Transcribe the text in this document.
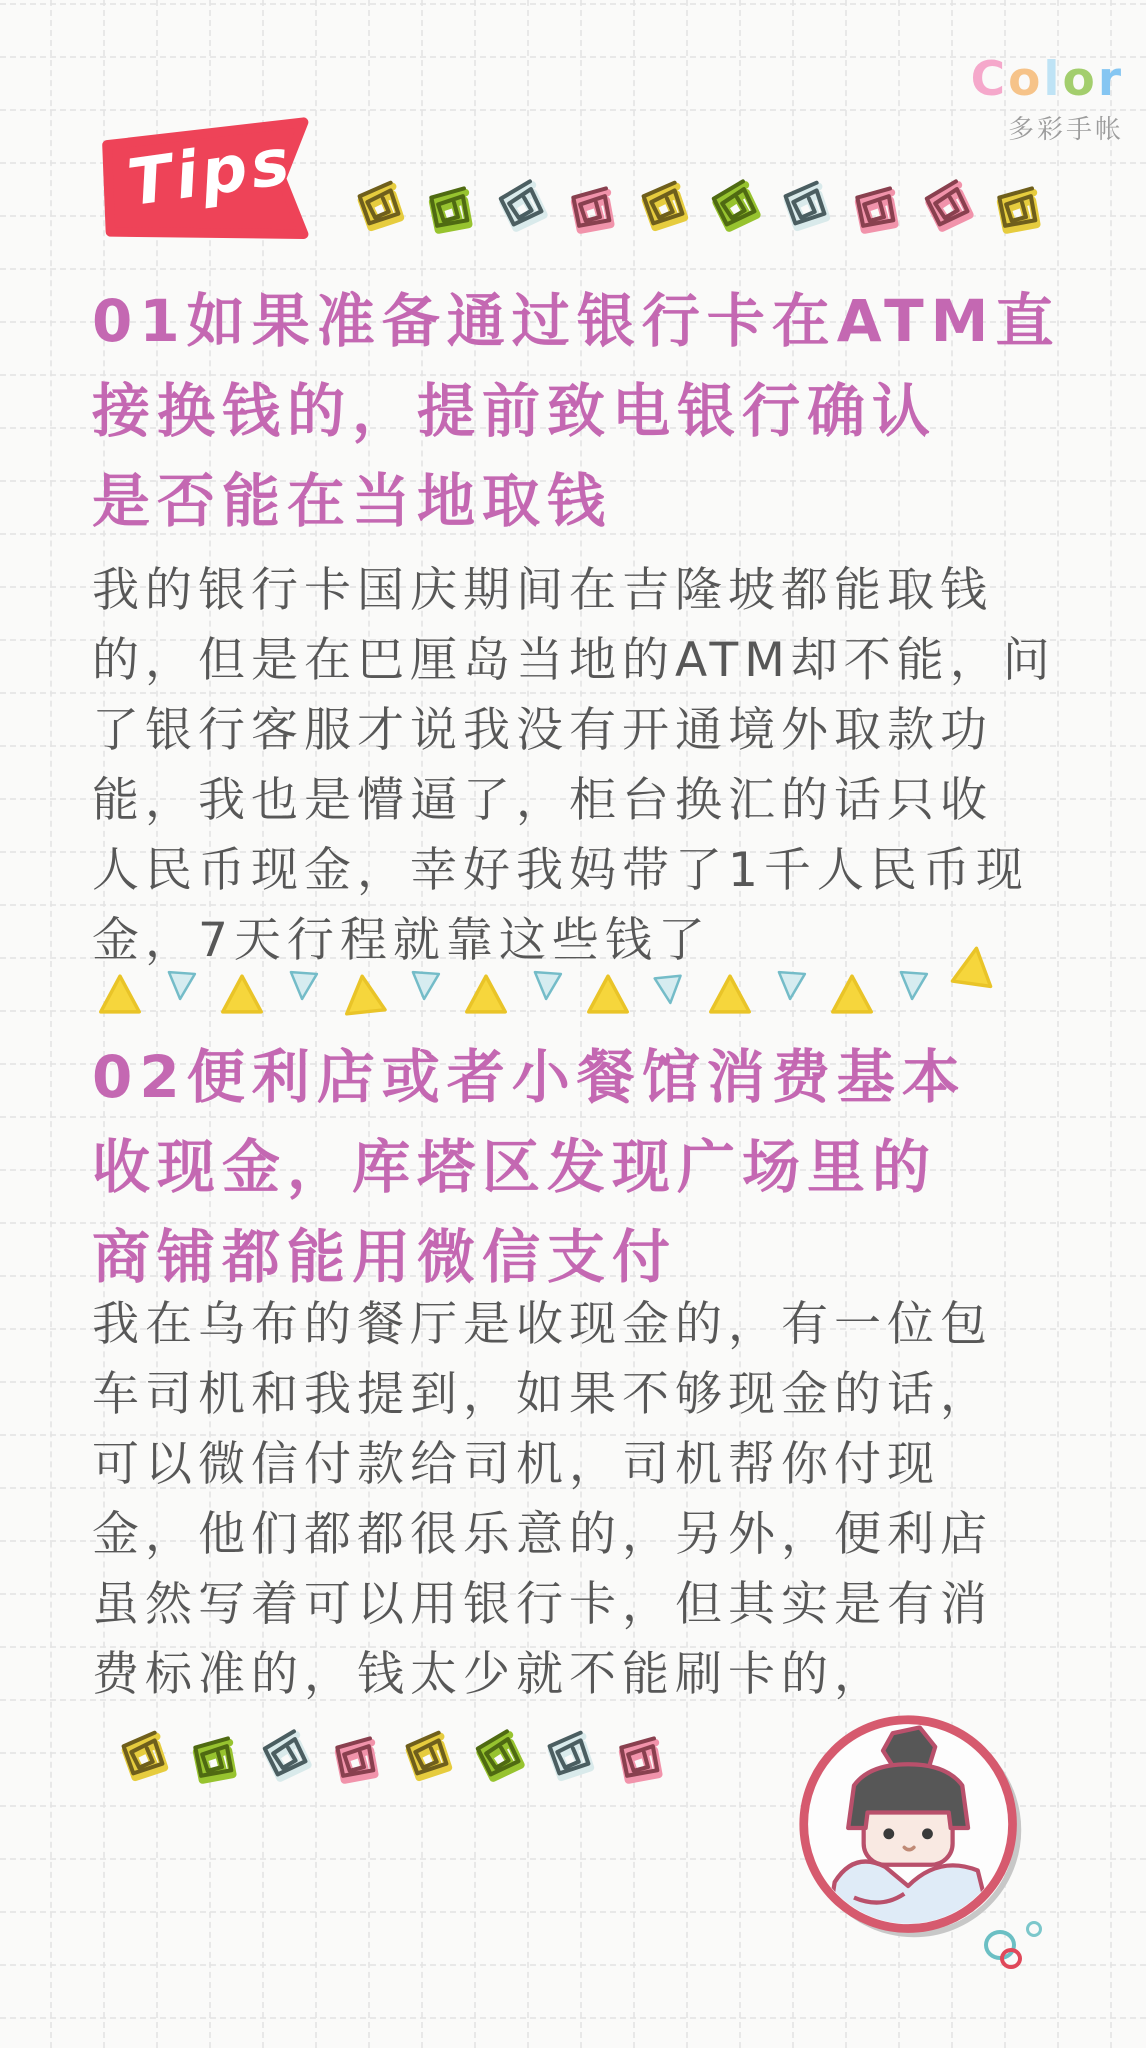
Color
多彩手帐
Tips
01如果准备通过银行卡在ATM直
接换钱的，提前致电银行确认
是否能在当地取钱
我的银行卡国庆期间在吉隆坡都能取钱
的，但是在巴厘岛当地的ATM却不能，问
了银行客服才说我没有开通境外取款功
能，我也是懵逼了，柜台换汇的话只收
人民币现金，幸好我妈带了1千人民币现
金，7天行程就靠这些钱了
02便利店或者小餐馆消费基本
收现金，库塔区发现广场里的
商铺都能用微信支付
我在乌布的餐厅是收现金的，有一位包
车司机和我提到，如果不够现金的话，
可以微信付款给司机，司机帮你付现
金，他们都都很乐意的，另外，便利店
虽然写着可以用银行卡，但其实是有消
费标准的，钱太少就不能刷卡的，
